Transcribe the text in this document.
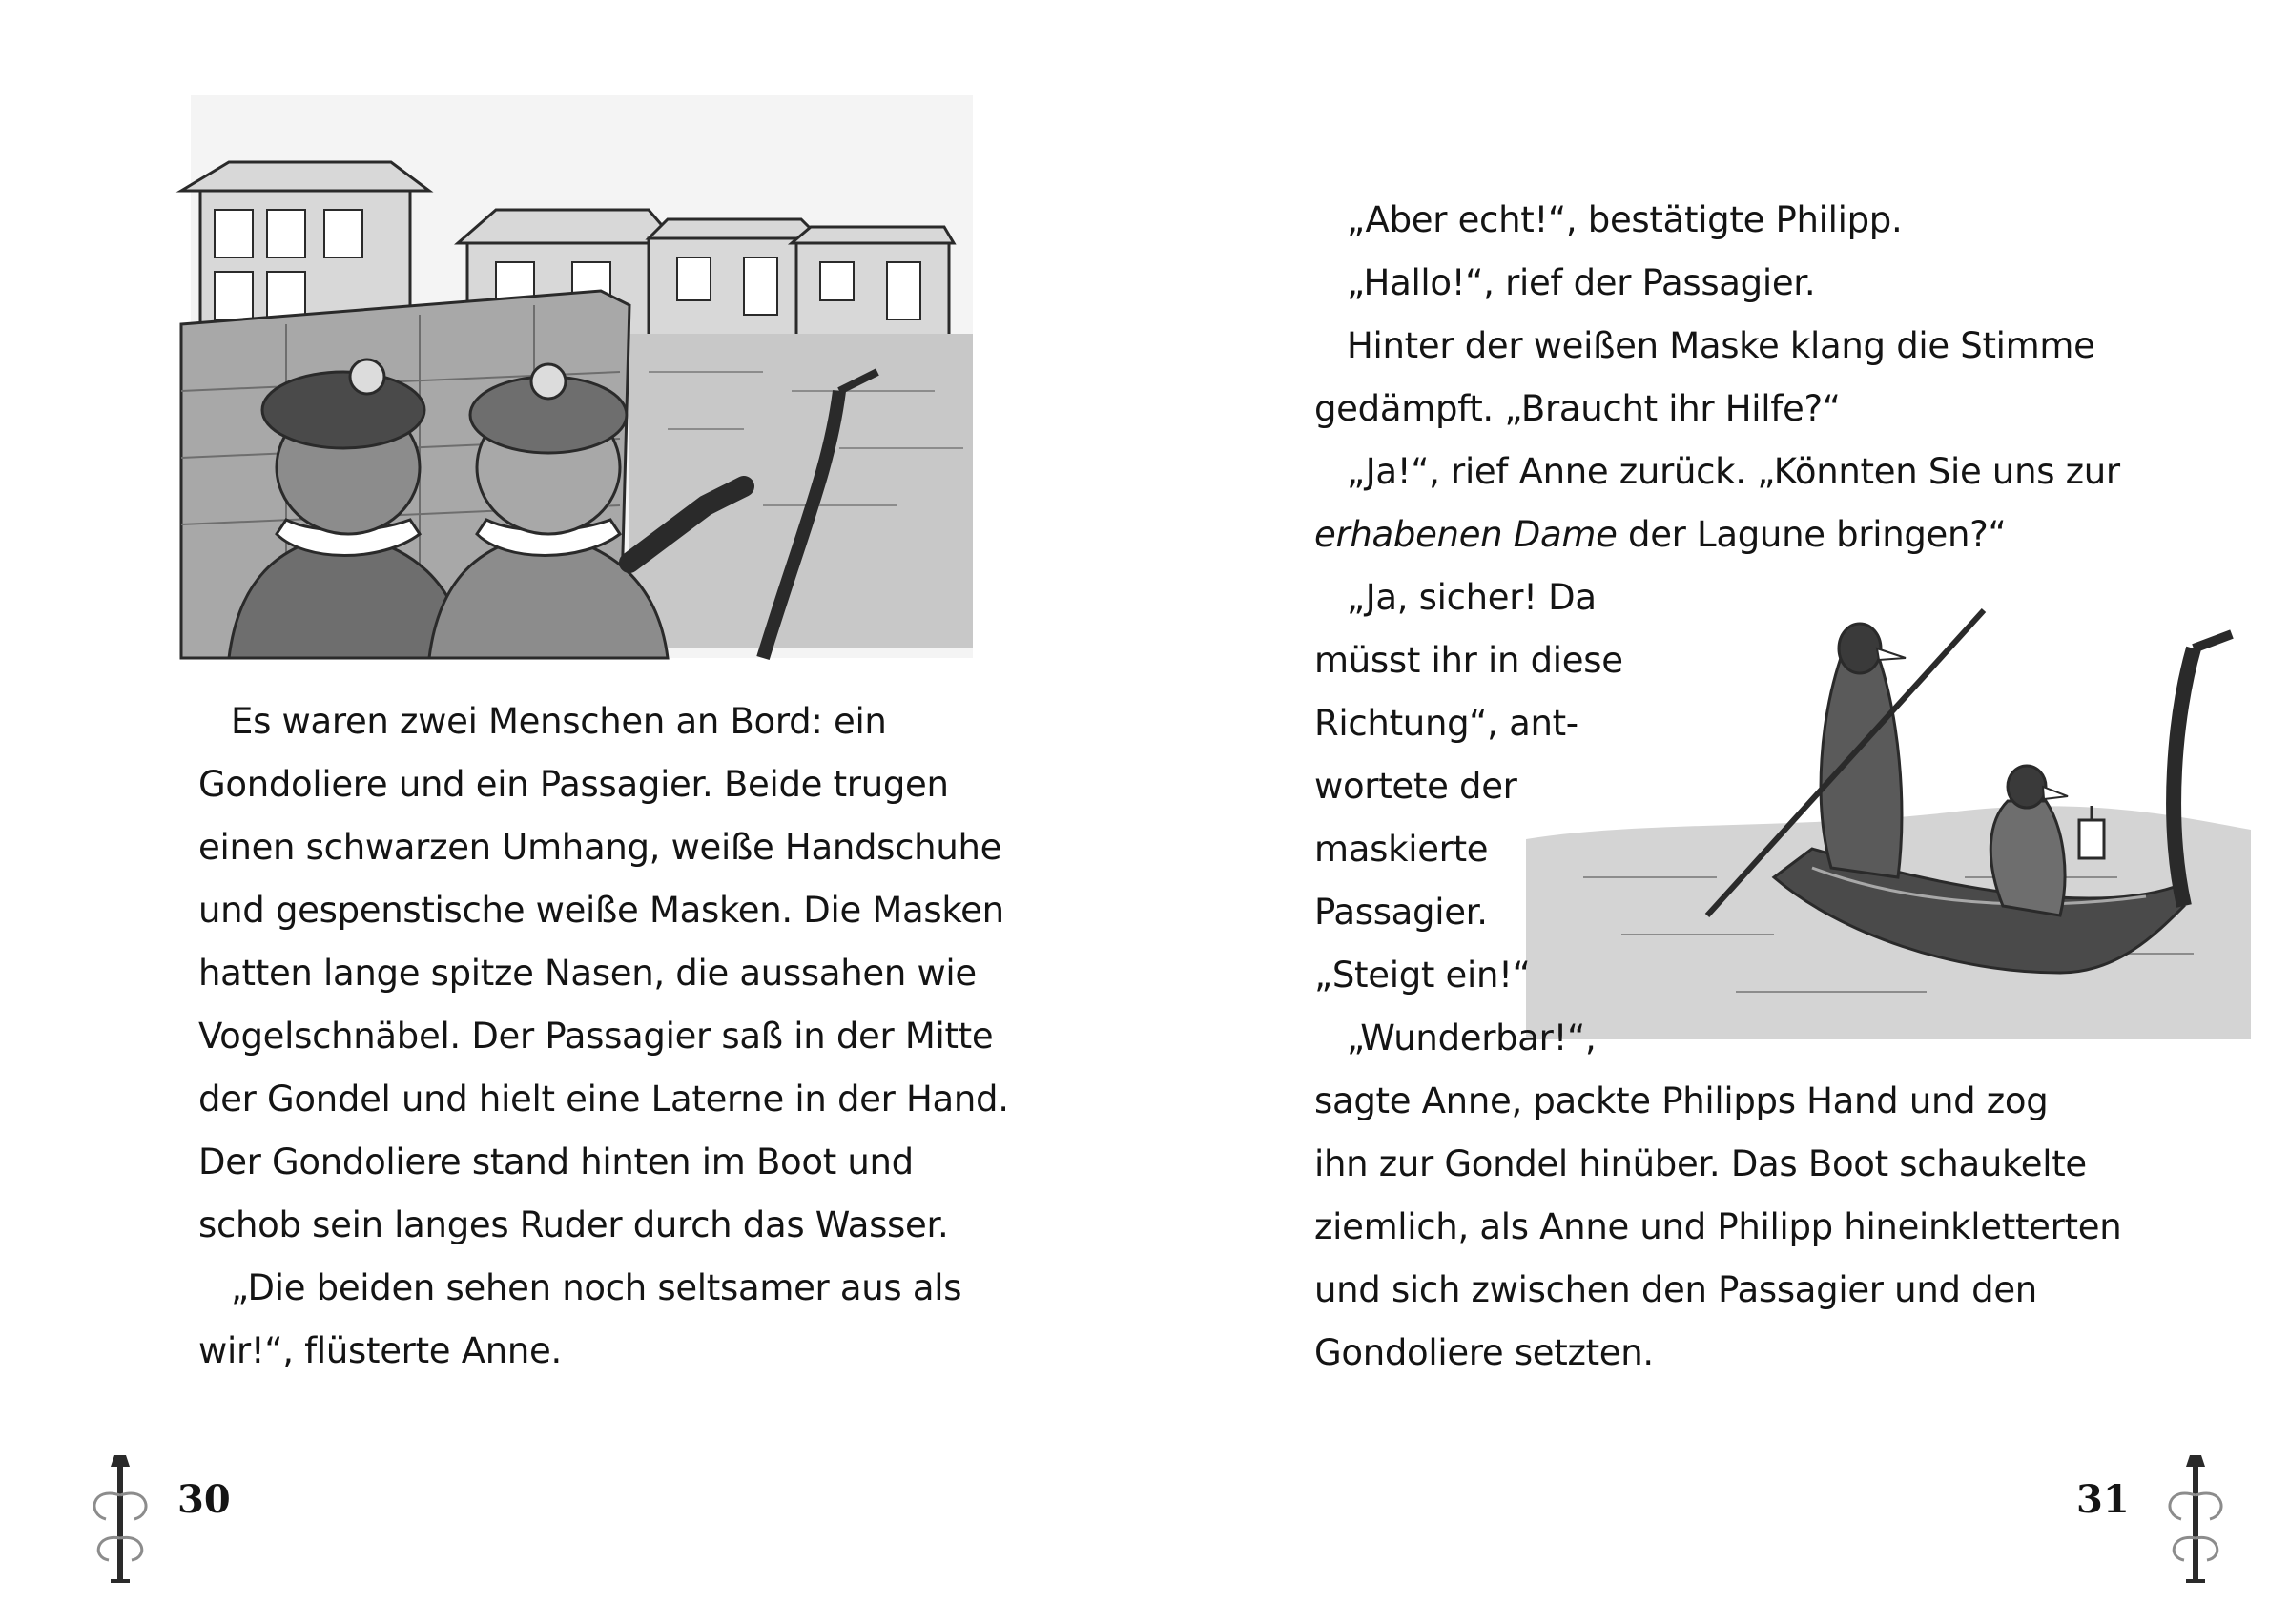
Es waren zwei Menschen an Bord: ein
Gondoliere und ein Passagier. Beide trugen
einen schwarzen Umhang, weiße Handschuhe
und gespenstische weiße Masken. Die Masken
hatten lange spitze Nasen, die aussahen wie
Vogelschnäbel. Der Passagier saß in der Mitte
der Gondel und hielt eine Laterne in der Hand.
Der Gondoliere stand hinten im Boot und
schob sein langes Ruder durch das Wasser.
„Die beiden sehen noch seltsamer aus als
wir!“, flüsterte Anne.
30
„Aber echt!“, bestätigte Philipp.
„Hallo!“, rief der Passagier.
Hinter der weißen Maske klang die Stimme
gedämpft. „Braucht ihr Hilfe?“
„Ja!“, rief Anne zurück. „Könnten Sie uns zur
erhabenen Dame der Lagune bringen?“
„Ja, sicher! Da
müsst ihr in diese
Richtung“, ant-
wortete der
maskierte
Passagier.
„Steigt ein!“
„Wunderbar!“,
sagte Anne, packte Philipps Hand und zog
ihn zur Gondel hinüber. Das Boot schaukelte
ziemlich, als Anne und Philipp hineinkletterten
und sich zwischen den Passagier und den
Gondoliere setzten.
31
